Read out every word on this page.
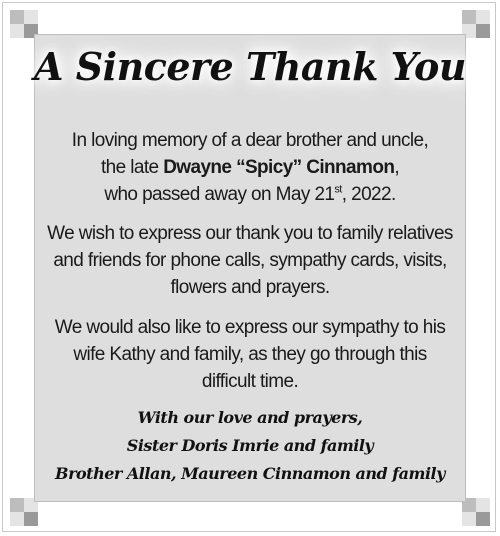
A Sincere Thank You
In loving memory of a dear brother and uncle,
the late Dwayne “Spicy” Cinnamon,
who passed away on May 21st, 2022.
We wish to express our thank you to family relatives
and friends for phone calls, sympathy cards, visits,
flowers and prayers.
We would also like to express our sympathy to his
wife Kathy and family, as they go through this
difficult time.
With our love and prayers,
Sister Doris Imrie and family
Brother Allan, Maureen Cinnamon and family
